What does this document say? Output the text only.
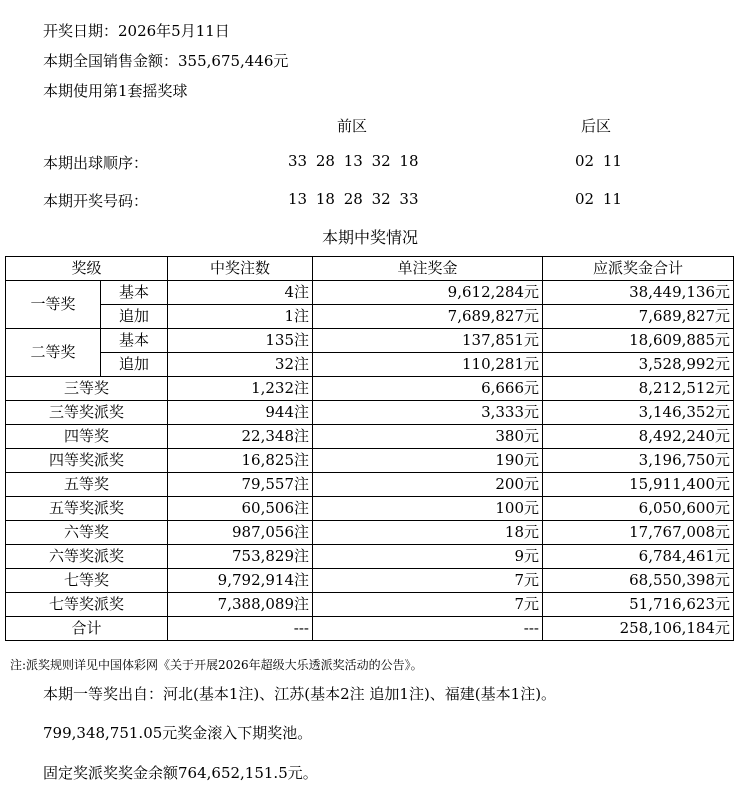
开奖日期：2026年5月11日
本期全国销售金额：355,675,446元
本期使用第1套摇奖球
前区	后区
本期出球顺序：	33 28 13 32 18	02 11
本期开奖号码：	13 18 28 32 33	02 11
本期中奖情况
奖级		中奖注数	单注奖金	应派奖金合计
一等奖	基本	4注	9,612,284元	38,449,136元
	追加	1注	7,689,827元	7,689,827元
二等奖	基本	135注	137,851元	18,609,885元
	追加	32注	110,281元	3,528,992元
三等奖		1,232注	6,666元	8,212,512元
三等奖派奖		944注	3,333元	3,146,352元
四等奖		22,348注	380元	8,492,240元
四等奖派奖		16,825注	190元	3,196,750元
五等奖		79,557注	200元	15,911,400元
五等奖派奖		60,506注	100元	6,050,600元
六等奖		987,056注	18元	17,767,008元
六等奖派奖		753,829注	9元	6,784,461元
七等奖		9,792,914注	7元	68,550,398元
七等奖派奖		7,388,089注	7元	51,716,623元
合计		---	---	258,106,184元
注:派奖规则详见中国体彩网《关于开展2026年超级大乐透派奖活动的公告》。
本期一等奖出自：河北(基本1注)、江苏(基本2注 追加1注)、福建(基本1注)。
799,348,751.05元奖金滚入下期奖池。
固定奖派奖奖金余额764,652,151.5元。
